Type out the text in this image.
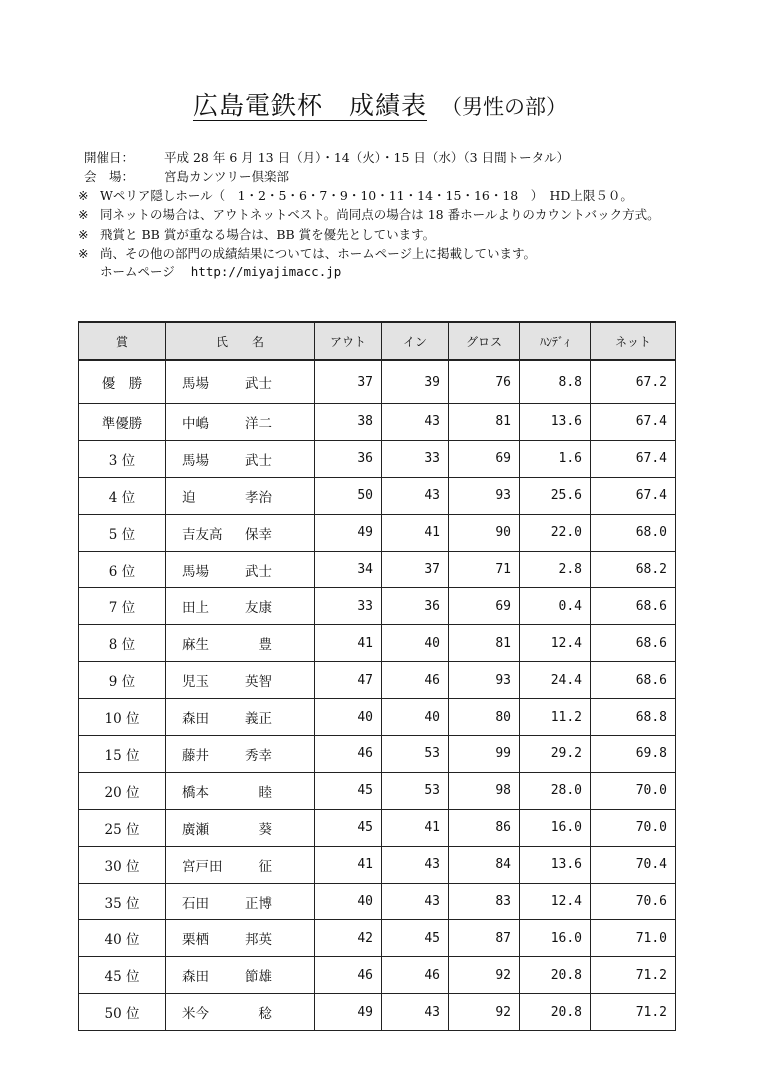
広島電鉄杯　成績表 （男性の部）
開催日： 平成 28 年 6 月 13 日（月）・14（火）・15 日（水）（3 日間トータル）
会　場： 宮島カンツリー倶楽部
※ Wペリア隠しホール（　1・2・5・6・7・9・10・11・14・15・16・18　）　HD上限５０。
※ 同ネットの場合は、アウトネットベスト。尚同点の場合は 18 番ホールよりのカウントバック方式。
※ 飛賞と BB 賞が重なる場合は、BB 賞を優先としています。
※ 尚、その他の部門の成績結果については、ホームページ上に掲載しています。
ホームページ http://miyajimacc.jp
賞	氏　　名	アウト	イン	グロス	ﾊﾝﾃﾞｨ	ネット
優　勝	馬場 武士	37	39	76	8.8	67.2
準優勝	中嶋 洋二	38	43	81	13.6	67.4
3 位	馬場 武士	36	33	69	1.6	67.4
4 位	迫 孝治	50	43	93	25.6	67.4
5 位	吉友高 保幸	49	41	90	22.0	68.0
6 位	馬場 武士	34	37	71	2.8	68.2
7 位	田上 友康	33	36	69	0.4	68.6
8 位	麻生 豊	41	40	81	12.4	68.6
9 位	児玉 英智	47	46	93	24.4	68.6
10 位	森田 義正	40	40	80	11.2	68.8
15 位	藤井 秀幸	46	53	99	29.2	69.8
20 位	橋本 睦	45	53	98	28.0	70.0
25 位	廣瀬 葵	45	41	86	16.0	70.0
30 位	宮戸田 征	41	43	84	13.6	70.4
35 位	石田 正博	40	43	83	12.4	70.6
40 位	栗栖 邦英	42	45	87	16.0	71.0
45 位	森田 節雄	46	46	92	20.8	71.2
50 位	米今 稔	49	43	92	20.8	71.2
